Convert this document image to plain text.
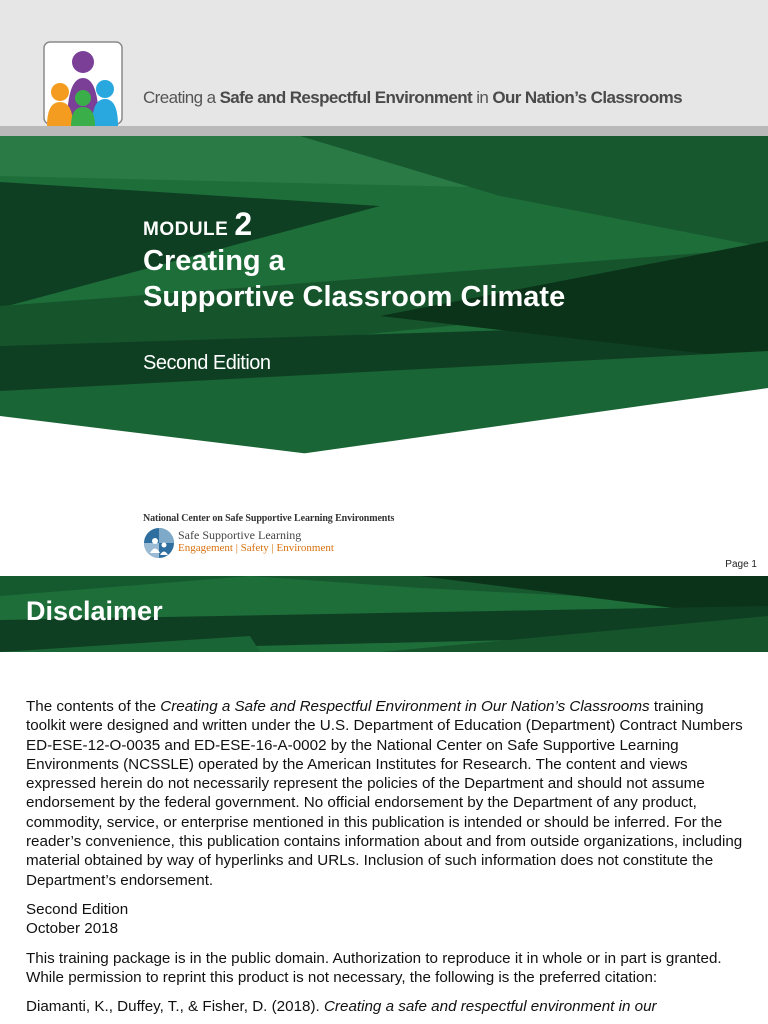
Creating a Safe and Respectful Environment in Our Nation’s Classrooms
MODULE 2
Creating a
Supportive Classroom Climate
Second Edition
National Center on Safe Supportive Learning Environments
Safe Supportive Learning
Engagement | Safety | Environment
Page 1
Disclaimer

The contents of the Creating a Safe and Respectful Environment in Our Nation’s Classrooms training toolkit were designed and written under the U.S. Department of Education (Department) Contract Numbers ED-ESE-12-O-0035 and ED-ESE-16-A-0002 by the National Center on Safe Supportive Learning Environments (NCSSLE) operated by the American Institutes for Research. The content and views expressed herein do not necessarily represent the policies of the Department and should not assume endorsement by the federal government. No official endorsement by the Department of any product, commodity, service, or enterprise mentioned in this publication is intended or should be inferred. For the reader’s convenience, this publication contains information about and from outside organizations, including material obtained by way of hyperlinks and URLs. Inclusion of such information does not constitute the Department’s endorsement.

Second Edition
October 2018

This training package is in the public domain. Authorization to reproduce it in whole or in part is granted. While permission to reprint this product is not necessary, the following is the preferred citation:

Diamanti, K., Duffey, T., & Fisher, D. (2018). Creating a safe and respectful environment in our
